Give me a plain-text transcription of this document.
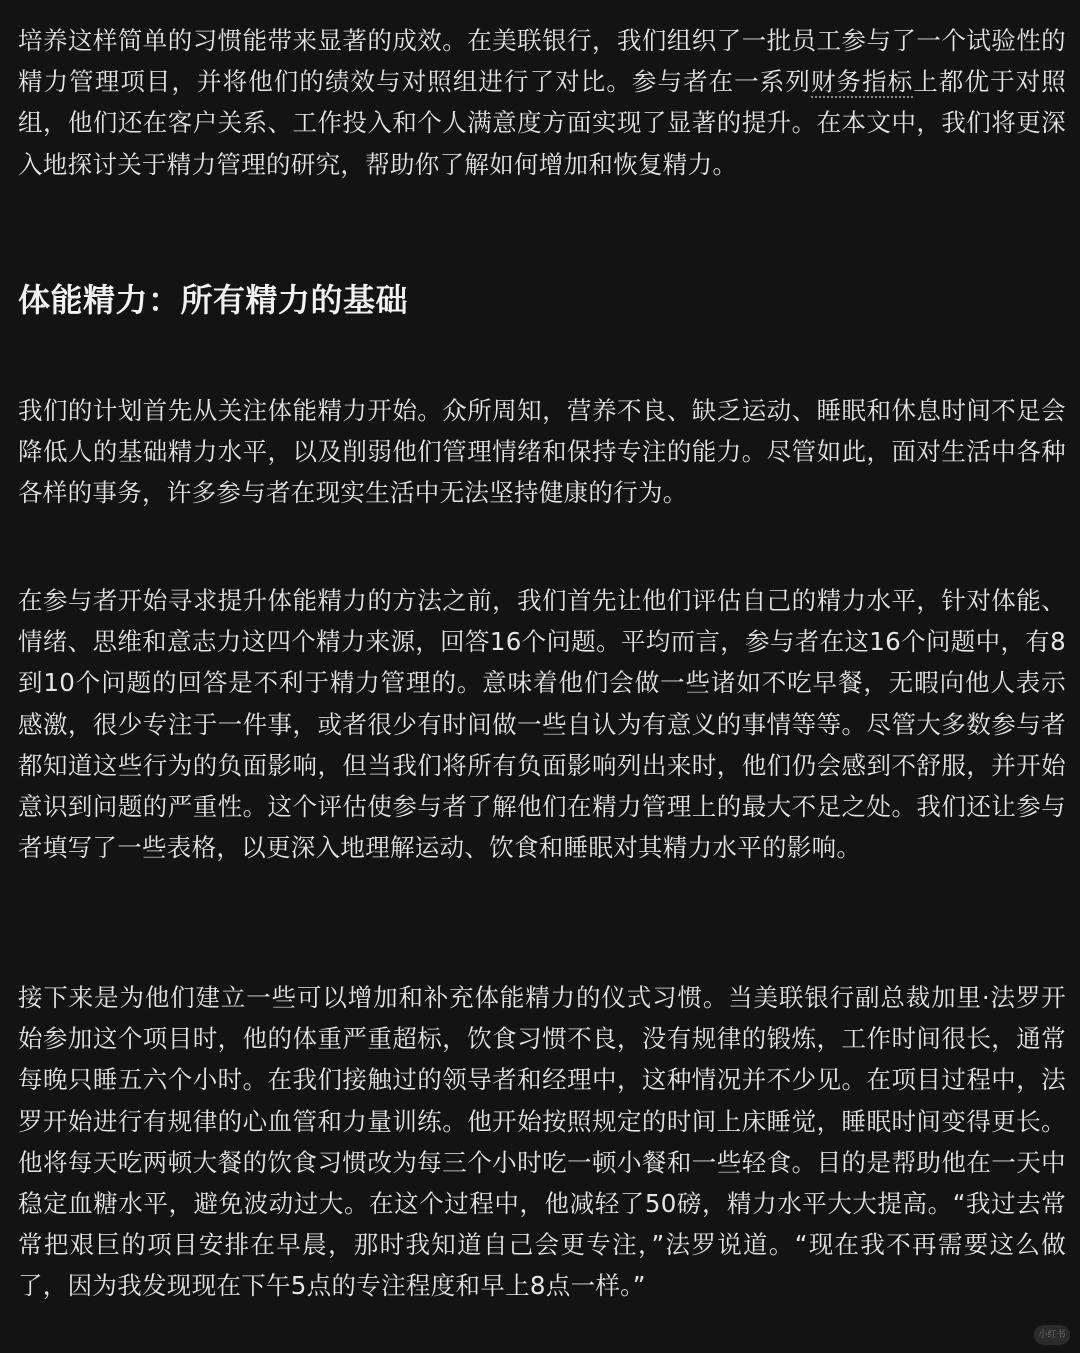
培养这样简单的习惯能带来显著的成效。在美联银行，我们组织了一批员工参与了一个试验性的精力管理项目，并将他们的绩效与对照组进行了对比。参与者在一系列财务指标上都优于对照组，他们还在客户关系、工作投入和个人满意度方面实现了显著的提升。在本文中，我们将更深入地探讨关于精力管理的研究，帮助你了解如何增加和恢复精力。

体能精力：所有精力的基础

我们的计划首先从关注体能精力开始。众所周知，营养不良、缺乏运动、睡眠和休息时间不足会降低人的基础精力水平，以及削弱他们管理情绪和保持专注的能力。尽管如此，面对生活中各种各样的事务，许多参与者在现实生活中无法坚持健康的行为。

在参与者开始寻求提升体能精力的方法之前，我们首先让他们评估自己的精力水平，针对体能、情绪、思维和意志力这四个精力来源，回答16个问题。平均而言，参与者在这16个问题中，有8到10个问题的回答是不利于精力管理的。意味着他们会做一些诸如不吃早餐，无暇向他人表示感激，很少专注于一件事，或者很少有时间做一些自认为有意义的事情等等。尽管大多数参与者都知道这些行为的负面影响，但当我们将所有负面影响列出来时，他们仍会感到不舒服，并开始意识到问题的严重性。这个评估使参与者了解他们在精力管理上的最大不足之处。我们还让参与者填写了一些表格，以更深入地理解运动、饮食和睡眠对其精力水平的影响。

接下来是为他们建立一些可以增加和补充体能精力的仪式习惯。当美联银行副总裁加里·法罗开始参加这个项目时，他的体重严重超标，饮食习惯不良，没有规律的锻炼，工作时间很长，通常每晚只睡五六个小时。在我们接触过的领导者和经理中，这种情况并不少见。在项目过程中，法罗开始进行有规律的心血管和力量训练。他开始按照规定的时间上床睡觉，睡眠时间变得更长。他将每天吃两顿大餐的饮食习惯改为每三个小时吃一顿小餐和一些轻食。目的是帮助他在一天中稳定血糖水平，避免波动过大。在这个过程中，他减轻了50磅，精力水平大大提高。“我过去常常把艰巨的项目安排在早晨，那时我知道自己会更专注，”法罗说道。“现在我不再需要这么做了，因为我发现现在下午5点的专注程度和早上8点一样。”

小红书
